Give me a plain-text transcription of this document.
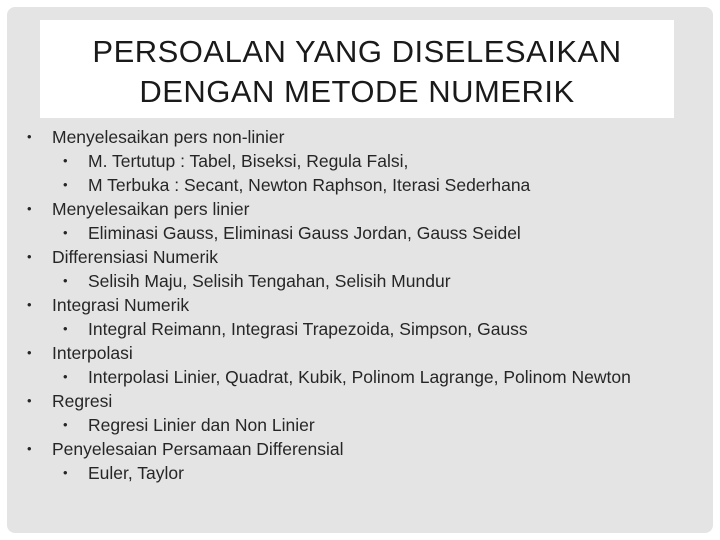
PERSOALAN YANG DISELESAIKAN
DENGAN METODE NUMERIK
• Menyelesaikan pers non-linier
• M. Tertutup : Tabel, Biseksi, Regula Falsi,
• M Terbuka : Secant, Newton Raphson, Iterasi Sederhana
• Menyelesaikan pers linier
• Eliminasi Gauss, Eliminasi Gauss Jordan, Gauss Seidel
• Differensiasi Numerik
• Selisih Maju, Selisih Tengahan, Selisih Mundur
• Integrasi Numerik
• Integral Reimann, Integrasi Trapezoida, Simpson, Gauss
• Interpolasi
• Interpolasi Linier, Quadrat, Kubik, Polinom Lagrange, Polinom Newton
• Regresi
• Regresi Linier dan Non Linier
• Penyelesaian Persamaan Differensial
• Euler, Taylor
